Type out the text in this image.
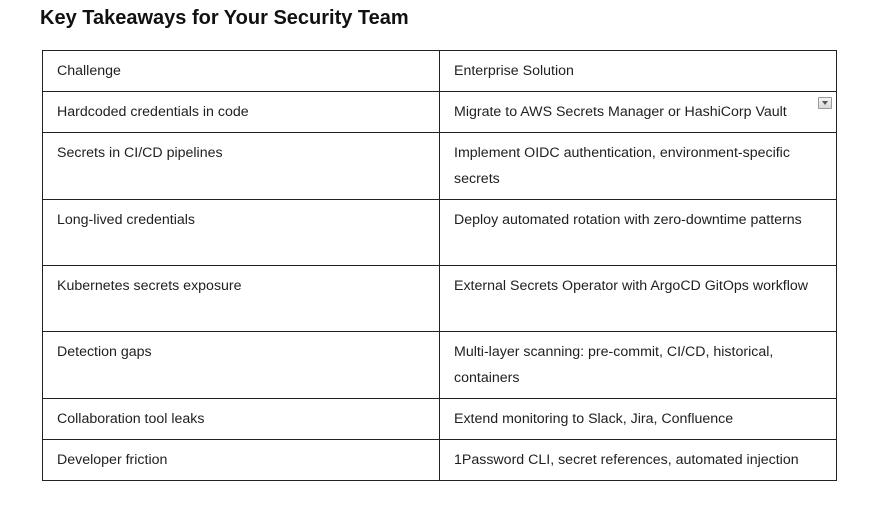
Key Takeaways for Your Security Team
Challenge	Enterprise Solution
Hardcoded credentials in code	Migrate to AWS Secrets Manager or HashiCorp Vault
Secrets in CI/CD pipelines	Implement OIDC authentication, environment-specific secrets
Long-lived credentials	Deploy automated rotation with zero-downtime patterns
Kubernetes secrets exposure	External Secrets Operator with ArgoCD GitOps workflow
Detection gaps	Multi-layer scanning: pre-commit, CI/CD, historical, containers
Collaboration tool leaks	Extend monitoring to Slack, Jira, Confluence
Developer friction	1Password CLI, secret references, automated injection
